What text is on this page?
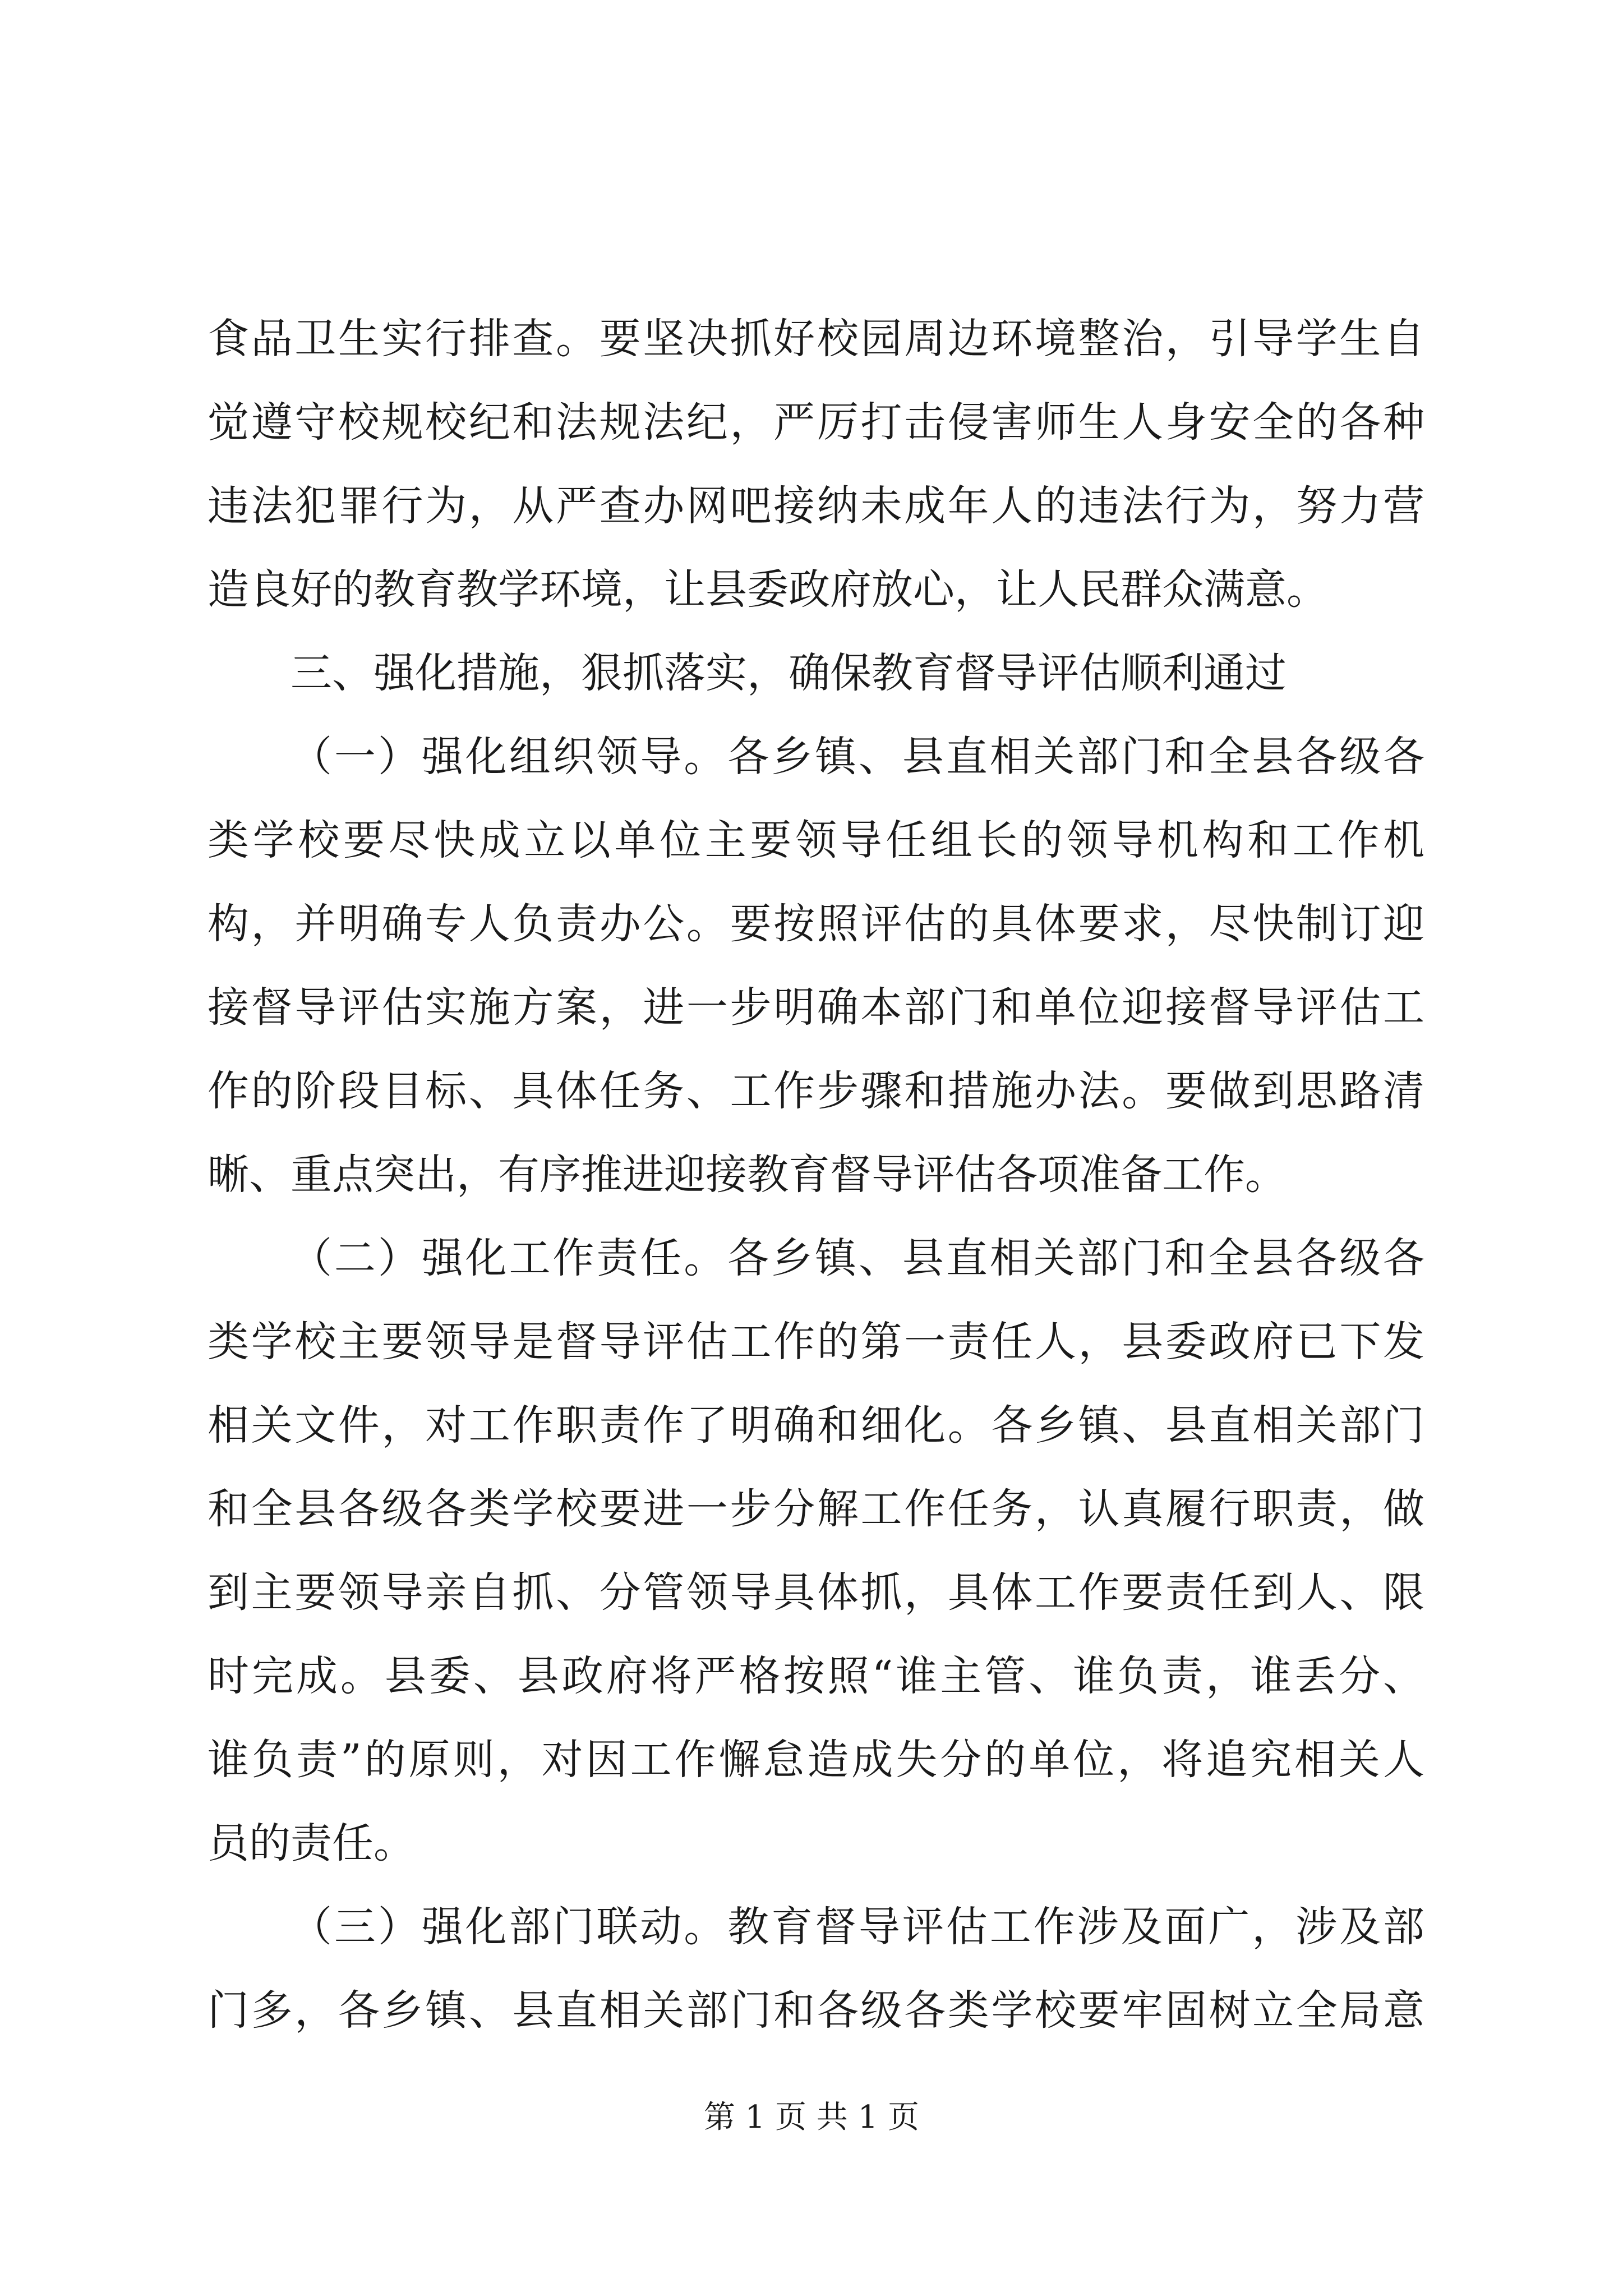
食品卫生实行排查。要坚决抓好校园周边环境整治，引导学生自
觉遵守校规校纪和法规法纪，严厉打击侵害师生人身安全的各种
违法犯罪行为，从严查办网吧接纳未成年人的违法行为，努力营
造良好的教育教学环境，让县委政府放心，让人民群众满意。
三、强化措施，狠抓落实，确保教育督导评估顺利通过
（一）强化组织领导。各乡镇、县直相关部门和全县各级各
类学校要尽快成立以单位主要领导任组长的领导机构和工作机
构，并明确专人负责办公。要按照评估的具体要求，尽快制订迎
接督导评估实施方案，进一步明确本部门和单位迎接督导评估工
作的阶段目标、具体任务、工作步骤和措施办法。要做到思路清
晰、重点突出，有序推进迎接教育督导评估各项准备工作。
（二）强化工作责任。各乡镇、县直相关部门和全县各级各
类学校主要领导是督导评估工作的第一责任人，县委政府已下发
相关文件，对工作职责作了明确和细化。各乡镇、县直相关部门
和全县各级各类学校要进一步分解工作任务，认真履行职责，做
到主要领导亲自抓、分管领导具体抓，具体工作要责任到人、限
时完成。县委、县政府将严格按照“谁主管、谁负责，谁丢分、
谁负责”的原则，对因工作懈怠造成失分的单位，将追究相关人
员的责任。
（三）强化部门联动。教育督导评估工作涉及面广，涉及部
门多，各乡镇、县直相关部门和各级各类学校要牢固树立全局意
第 1 页 共 1 页
